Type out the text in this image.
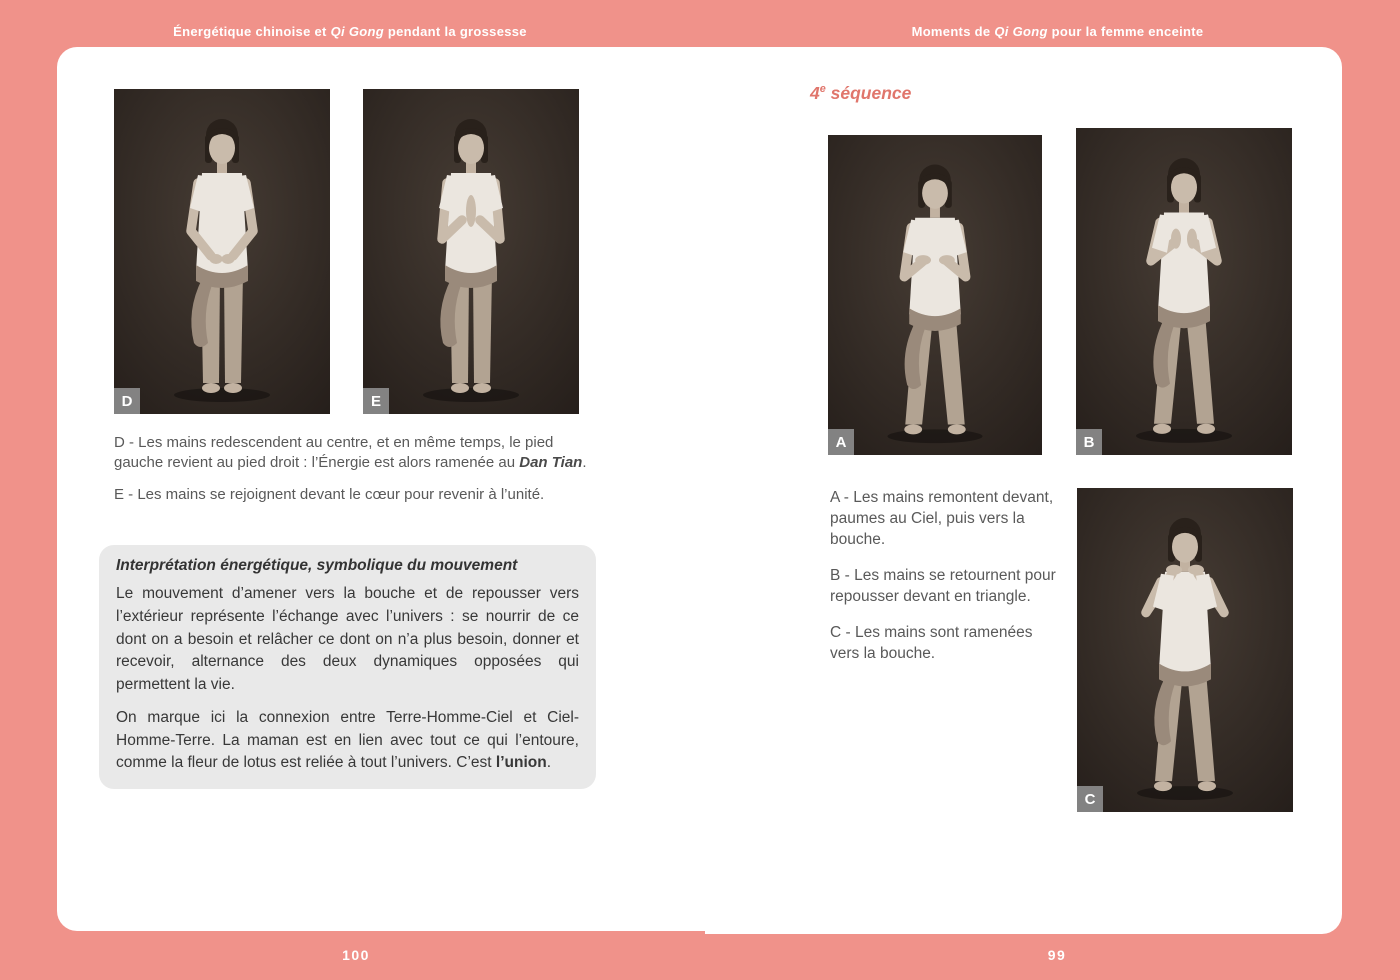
Énergétique chinoise et Qi Gong pendant la grossesse	Moments de Qi Gong pour la femme enceinte
D	E

D - Les mains redescendent au centre, et en même temps, le pied gauche revient au pied droit : l’Énergie est alors ramenée au Dan Tian.

E - Les mains se rejoignent devant le cœur pour revenir à l’unité.

Interprétation énergétique, symbolique du mouvement

Le mouvement d’amener vers la bouche et de repousser vers l’extérieur représente l’échange avec l’univers : se nourrir de ce dont on a besoin et relâcher ce dont on n’a plus besoin, donner et recevoir, alternance des deux dynamiques opposées qui permettent la vie.

On marque ici la connexion entre Terre-Homme-Ciel et Ciel-Homme-Terre. La maman est en lien avec tout ce qui l’entoure, comme la fleur de lotus est reliée à tout l’univers. C’est l’union.

4e séquence
A	B
C

A - Les mains remontent devant, paumes au Ciel, puis vers la bouche.

B - Les mains se retournent pour repousser devant en triangle.

C - Les mains sont ramenées vers la bouche.

100	99
